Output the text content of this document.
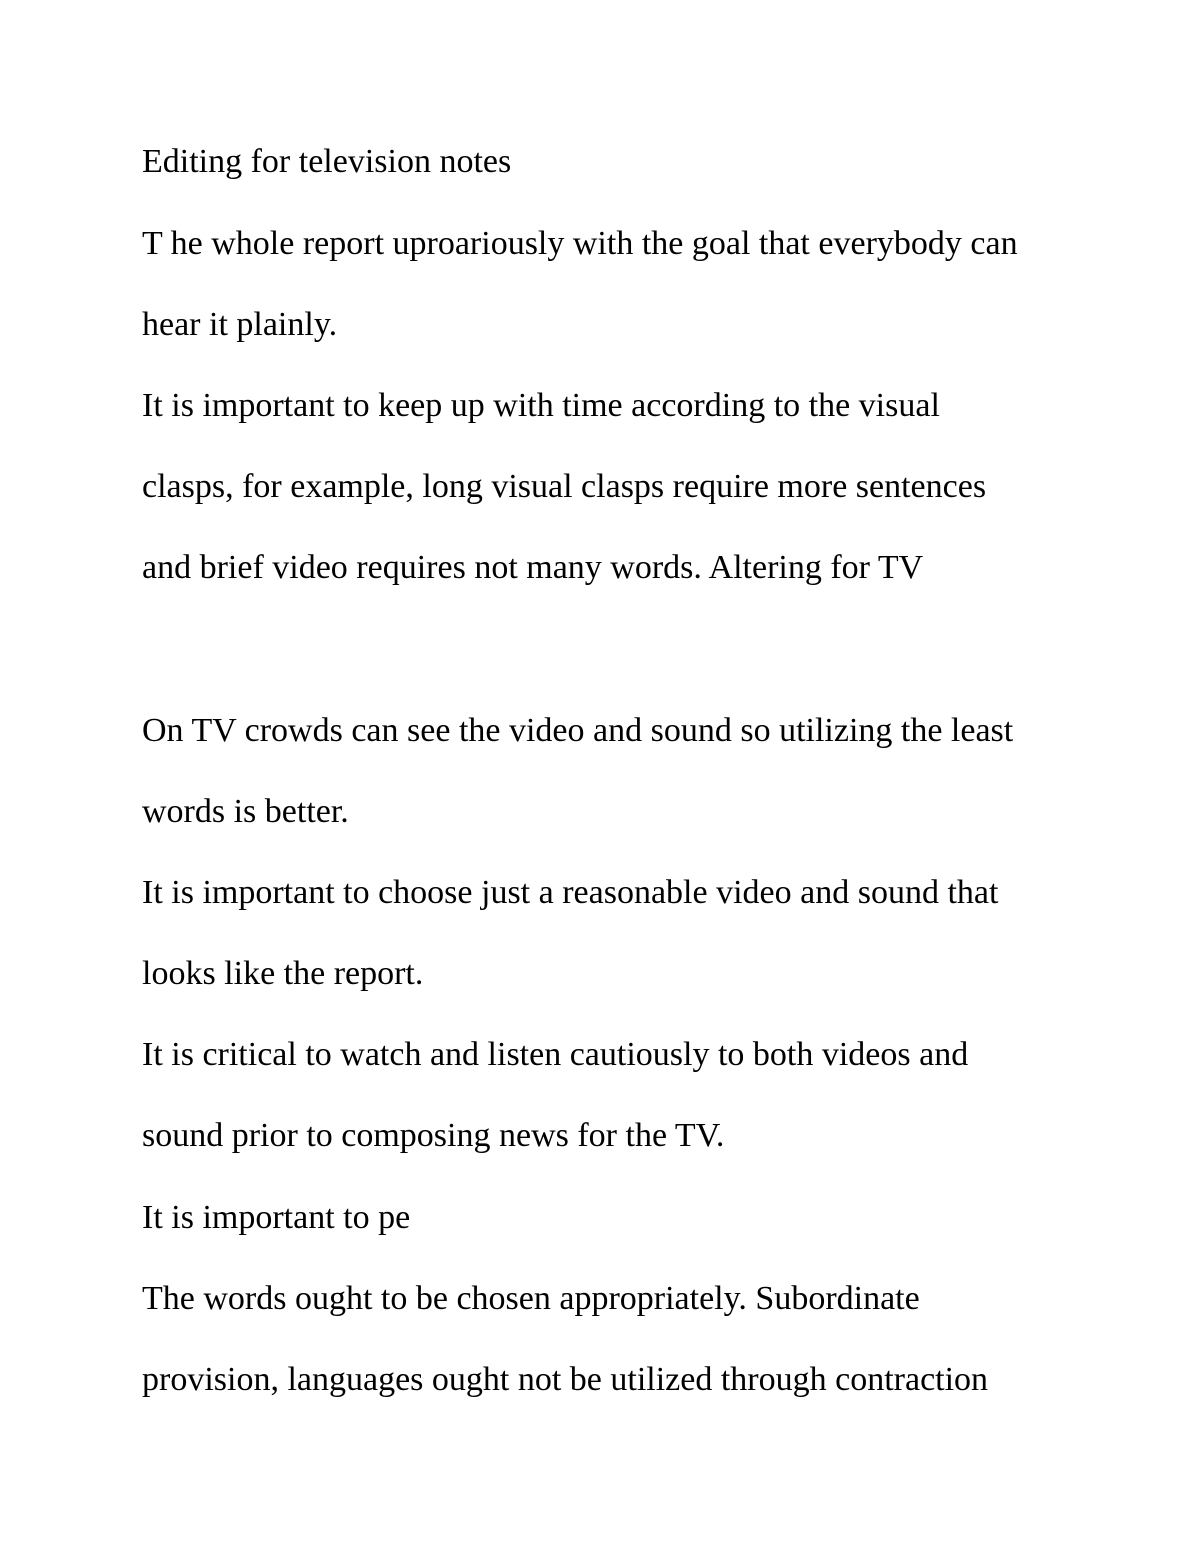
Editing for television notes
T he whole report uproariously with the goal that everybody can
hear it plainly.
It is important to keep up with time according to the visual
clasps, for example, long visual clasps require more sentences
and brief video requires not many words. Altering for TV
On TV crowds can see the video and sound so utilizing the least
words is better.
It is important to choose just a reasonable video and sound that
looks like the report.
It is critical to watch and listen cautiously to both videos and
sound prior to composing news for the TV.
It is important to pe
The words ought to be chosen appropriately. Subordinate
provision, languages ought not be utilized through contraction
